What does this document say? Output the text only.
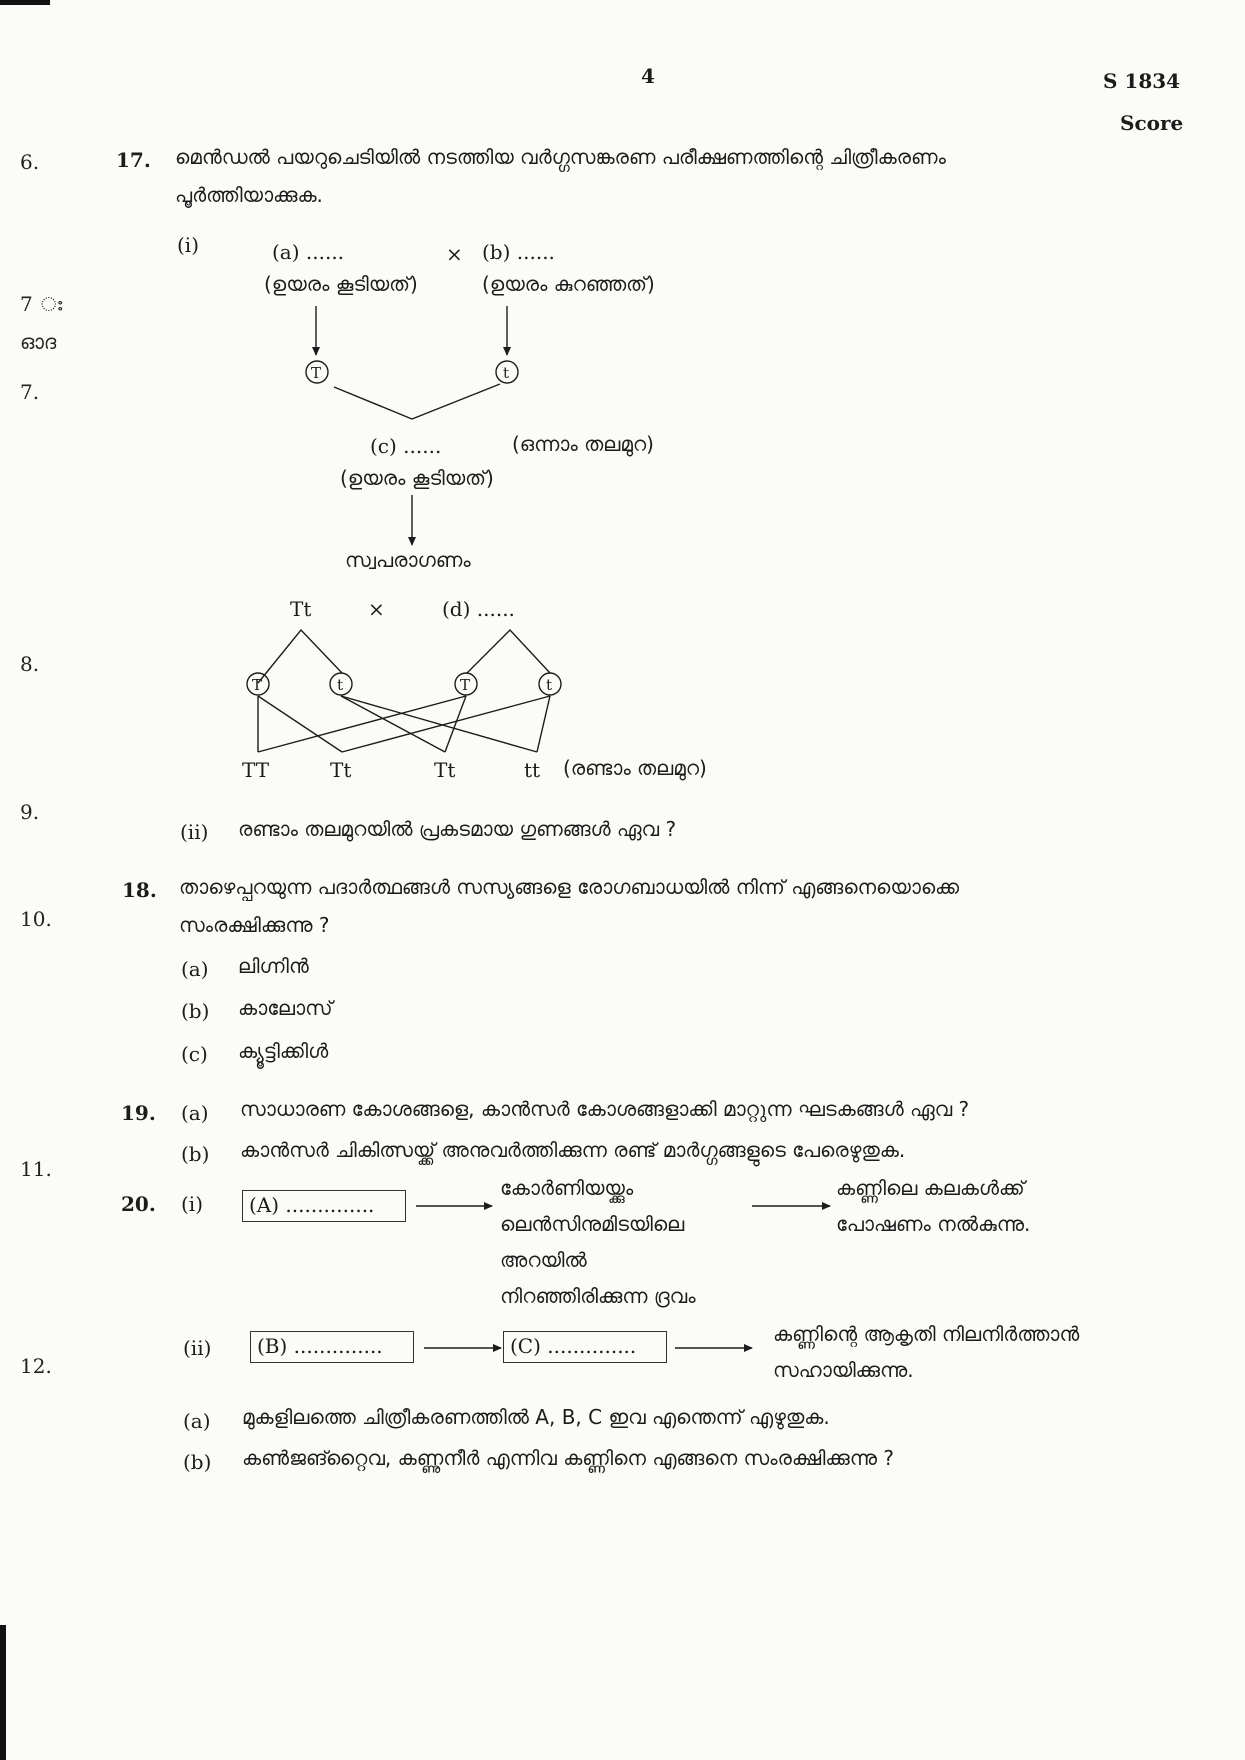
4	S 1834
Score
6.
7 ഃ
ഓദ
7.
8.
9.
10.
11.
12.
17. മെൻഡൽ പയറുചെടിയിൽ നടത്തിയ വർഗ്ഗസങ്കരണ പരീക്ഷണത്തിന്റെ ചിത്രീകരണം
പൂർത്തിയാക്കുക.
(i)
T	t
T	t	T	t
(a) ......	× (b) ......
(ഉയരം കൂടിയത്)	(ഉയരം കുറഞ്ഞത്)
(c) ......	(ഒന്നാം തലമുറ)
(ഉയരം കൂടിയത്)
സ്വപരാഗണം
Tt	×	(d) ......
TT	Tt	Tt	tt (രണ്ടാം തലമുറ)
(ii) രണ്ടാം തലമുറയിൽ പ്രകടമായ ഗുണങ്ങൾ ഏവ ?
18. താഴെപ്പറയുന്ന പദാർത്ഥങ്ങൾ സസ്യങ്ങളെ രോഗബാധയിൽ നിന്ന് എങ്ങനെയൊക്കെ
സംരക്ഷിക്കുന്നു ?
(a) ലിഗ്നിൻ
(b) കാലോസ്
(c) ക്യൂട്ടിക്കിൾ
19. (a) സാധാരണ കോശങ്ങളെ, കാൻസർ കോശങ്ങളാക്കി മാറ്റുന്ന ഘടകങ്ങൾ ഏവ ?
(b) കാൻസർ ചികിത്സയ്ക്ക് അനുവർത്തിക്കുന്ന രണ്ട് മാർഗ്ഗങ്ങളുടെ പേരെഴുതുക.
20. (i)	(A) ..............
കോർണിയയ്ക്കും
ലെൻസിനുമിടയിലെ
അറയിൽ
നിറഞ്ഞിരിക്കുന്ന ദ്രവം
കണ്ണിലെ കലകൾക്ക്
പോഷണം നൽകുന്നു.
(ii)	(B) ..............	(C) ..............	കണ്ണിന്റെ ആകൃതി നിലനിർത്താൻ
സഹായിക്കുന്നു.
(a) മുകളിലത്തെ ചിത്രീകരണത്തിൽ A, B, C ഇവ എന്തെന്ന് എഴുതുക.
(b) കൺജങ്റ്റൈവ, കണ്ണുനീർ എന്നിവ കണ്ണിനെ എങ്ങനെ സംരക്ഷിക്കുന്നു ?
